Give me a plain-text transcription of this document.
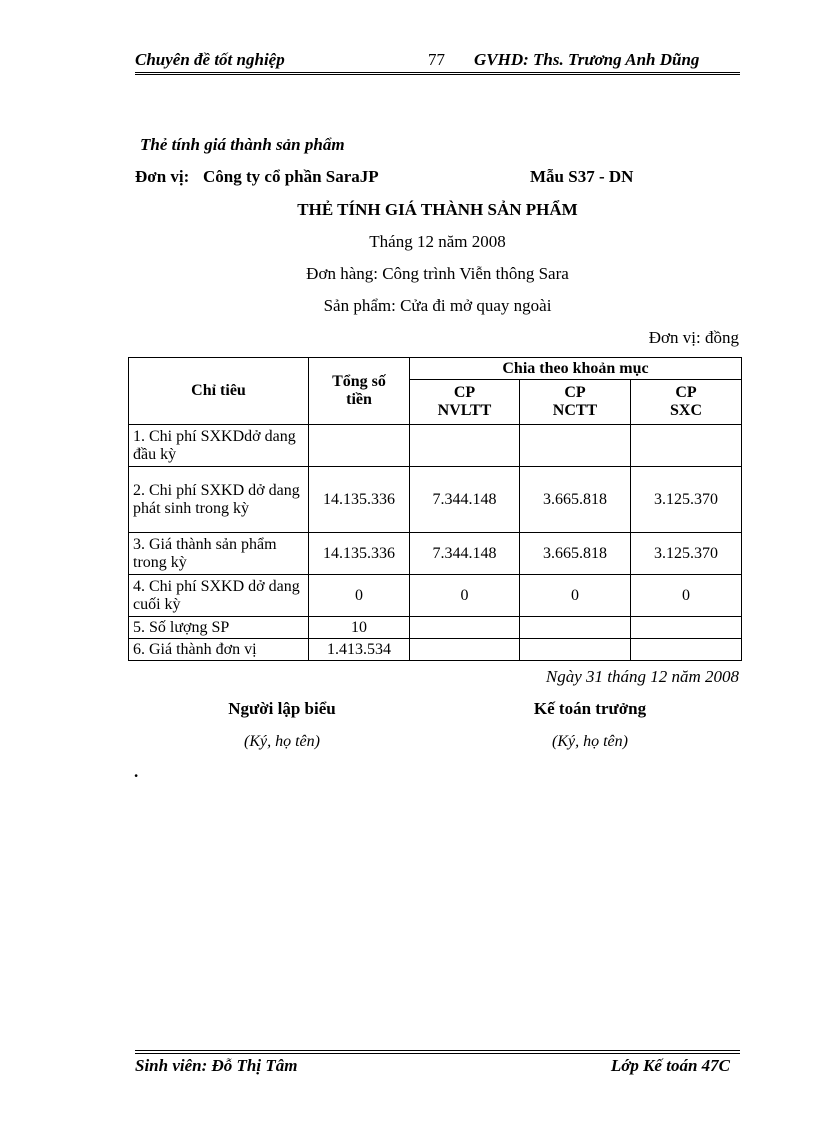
Chuyên đề tốt nghiệp	77 GVHD: Ths. Trương Anh Dũng
Thẻ tính giá thành sản phẩm
Đơn vị: Công ty cổ phần SaraJP	Mẫu S37 - DN
THẺ TÍNH GIÁ THÀNH SẢN PHẨM
Tháng 12 năm 2008
Đơn hàng: Công trình Viễn thông Sara
Sản phẩm: Cửa đi mở quay ngoài
Đơn vị: đồng
Chỉ tiêu	Tổng số tiền	Chia theo khoản mục		
		CP NVLTT	CP NCTT	CP SXC
1. Chi phí SXKDdở dang đầu kỳ				
2. Chi phí SXKD dở dang phát sinh trong kỳ	14.135.336	7.344.148	3.665.818	3.125.370
3. Giá thành sản phẩm trong kỳ	14.135.336	7.344.148	3.665.818	3.125.370
4. Chi phí SXKD dở dang cuối kỳ	0	0	0	0
5. Số lượng SP	10			
6. Giá thành đơn vị	1.413.534			
Ngày 31 tháng 12 năm 2008
Người lập biểu	Kế toán trưởng
(Ký, họ tên)	(Ký, họ tên)
.
Sinh viên: Đỗ Thị Tâm	Lớp Kế toán 47C
